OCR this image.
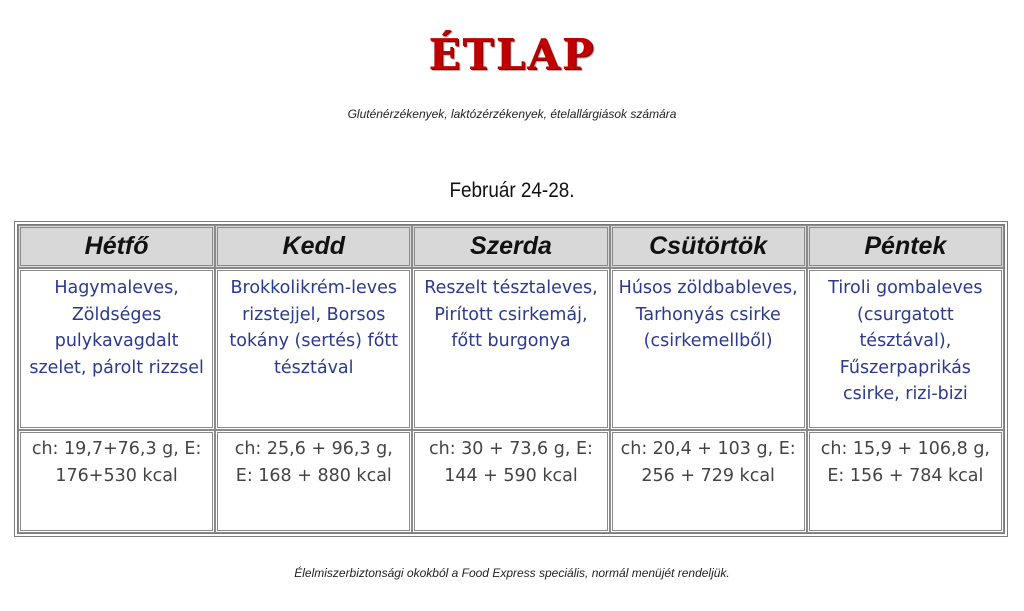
ÉTLAP
Gluténérzékenyek, laktózérzékenyek, ételallárgiások számára
Február 24-28.
Hétfő	Kedd	Szerda	Csütörtök	Péntek
Hagymaleves, Zöldséges pulykavagdalt szelet, párolt rizzsel	Brokkolikrém-leves rizstejjel, Borsos tokány (sertés) főtt tésztával	Reszelt tésztaleves, Pirított csirkemáj, főtt burgonya	Húsos zöldbableves, Tarhonyás csirke (csirkemellből)	Tiroli gombaleves (csurgatott tésztával), Fűszerpaprikás csirke, rizi-bizi
ch: 19,7+76,3 g, E: 176+530 kcal	ch: 25,6 + 96,3 g, E: 168 + 880 kcal	ch: 30 + 73,6 g, E: 144 + 590 kcal	ch: 20,4 + 103 g, E: 256 + 729 kcal	ch: 15,9 + 106,8 g, E: 156 + 784 kcal
Élelmiszerbiztonsági okokból a Food Express speciális, normál menüjét rendeljük.
